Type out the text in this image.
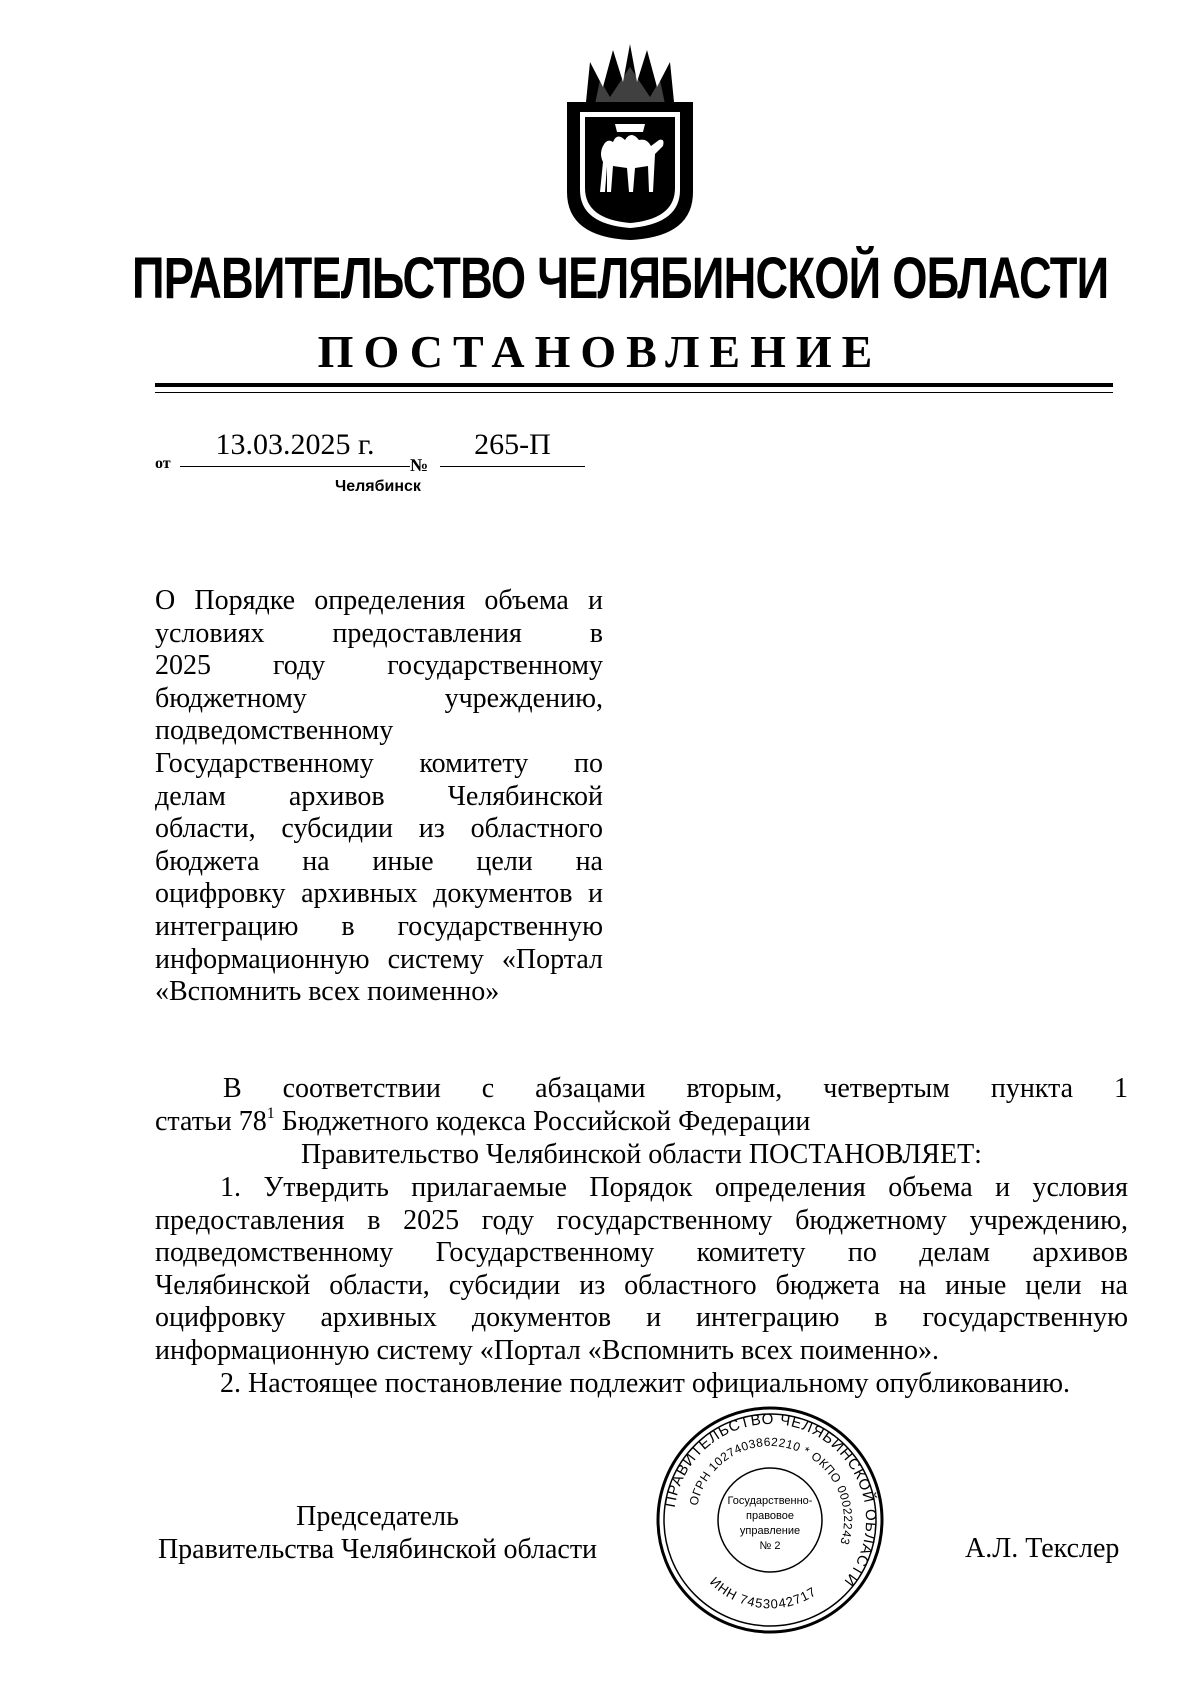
ПРАВИТЕЛЬСТВО ЧЕЛЯБИНСКОЙ ОБЛАСТИ
ПОСТАНОВЛЕНИЕ
от
13.03.2025 г.
№
265-П
Челябинск
О Порядке определения объема и
условиях предоставления в
2025 году государственному
бюджетному учреждению,
подведомственному
Государственному комитету по
делам архивов Челябинской
области, субсидии из областного
бюджета на иные цели на
оцифровку архивных документов и
интеграцию в государственную
информационную систему «Портал
«Вспомнить всех поименно»
В соответствии с абзацами вторым, четвертым пункта 1
статьи $78^1$ Бюджетного кодекса Российской Федерации
Правительство Челябинской области ПОСТАНОВЛЯЕТ:
1. Утвердить прилагаемые Порядок определения объема и условия
предоставления в 2025 году государственному бюджетному учреждению,
подведомственному Государственному комитету по делам архивов
Челябинской области, субсидии из областного бюджета на иные цели на
оцифровку архивных документов и интеграцию в государственную
информационную систему «Портал «Вспомнить всех поименно».
2. Настоящее постановление подлежит официальному опубликованию.
Председатель
Правительства Челябинской области	А.Л. Текслер
ПРАВИТЕЛЬСТВО ЧЕЛЯБИНСКОЙ ОБЛАСТИ
ОГРН 1027403862210 * ОКПО 00022243
ИНН 7453042717
Государственно-
правовое
управление
№ 2
